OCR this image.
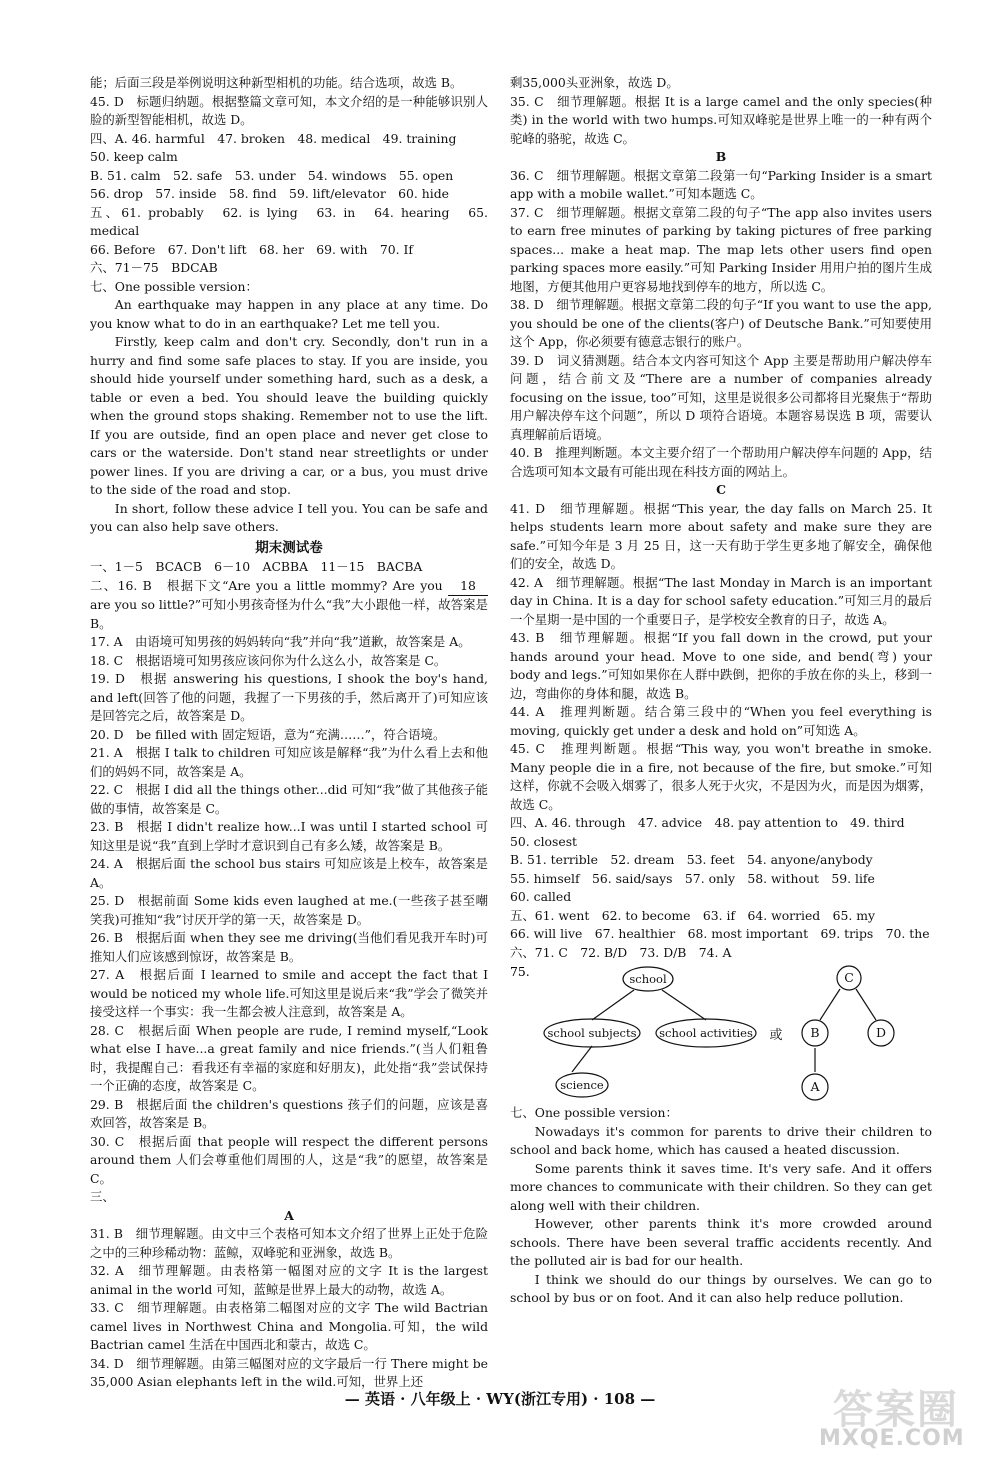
能；后面三段是举例说明这种新型相机的功能。结合选项，故选 B。

45. D　标题归纳题。根据整篇文章可知，本文介绍的是一种能够识别人脸的新型智能相机，故选 D。

四、A. 46. harmful　47. broken　48. medical　49. training

50. keep calm

B. 51. calm　52. safe　53. under　54. windows　55. open

56. drop　57. inside　58. find　59. lift/elevator　60. hide

五、61. probably　62. is lying　63. in　64. hearing　65. medical

66. Before　67. Don't lift　68. her　69. with　70. If

六、71－75　BDCAB

七、One possible version：

An earthquake may happen in any place at any time. Do you know what to do in an earthquake? Let me tell you.

Firstly, keep calm and don't cry. Secondly, don't run in a hurry and find some safe places to stay. If you are inside, you should hide yourself under something hard, such as a desk, a table or even a bed. You should leave the building quickly when the ground stops shaking. Remember not to use the lift. If you are outside, find an open place and never get close to cars or the waterside. Don't stand near streetlights or under power lines. If you are driving a car, or a bus, you must drive to the side of the road and stop.

In short, follow these advice I tell you. You can be safe and you can also help save others.

期末测试卷

一、1－5　BCACB　6－10　ACBBA　11－15　BACBA

二、16. B　根据下文“Are you a little mommy? Are you 18 are you so little?”可知小男孩奇怪为什么“我”大小跟他一样，故答案是 B。

17. A　由语境可知男孩的妈妈转向“我”并向“我”道歉，故答案是 A。

18. C　根据语境可知男孩应该问你为什么这么小，故答案是 C。

19. D　根据 answering his questions, I shook the boy's hand, and left(回答了他的问题，我握了一下男孩的手，然后离开了)可知应该是回答完之后，故答案是 D。

20. D　be filled with 固定短语，意为“充满……”，符合语境。

21. A　根据 I talk to children 可知应该是解释“我”为什么看上去和他们的妈妈不同，故答案是 A。

22. C　根据 I did all the things other...did 可知“我”做了其他孩子能做的事情，故答案是 C。

23. B　根据 I didn't realize how...I was until I started school 可知这里是说“我”直到上学时才意识到自己有多么矮，故答案是 B。

24. A　根据后面 the school bus stairs 可知应该是上校车，故答案是 A。

25. D　根据前面 Some kids even laughed at me.(一些孩子甚至嘲笑我)可推知“我”讨厌开学的第一天，故答案是 D。

26. B　根据后面 when they see me driving(当他们看见我开车时)可推知人们应该感到惊讶，故答案是 B。

27. A　根据后面 I learned to smile and accept the fact that I would be noticed my whole life.可知这里是说后来“我”学会了微笑并接受这样一个事实：我一生都会被人注意到，故答案是 A。

28. C　根据后面 When people are rude, I remind myself,“Look what else I have...a great family and nice friends.”(当人们粗鲁时，我提醒自己：看我还有幸福的家庭和好朋友)，此处指“我”尝试保持一个正确的态度，故答案是 C。

29. B　根据后面 the children's questions 孩子们的问题，应该是喜欢回答，故答案是 B。

30. C　根据后面 that people will respect the different persons around them 人们会尊重他们周围的人，这是“我”的愿望，故答案是 C。

三、

A

31. B　细节理解题。由文中三个表格可知本文介绍了世界上正处于危险之中的三种珍稀动物：蓝鲸，双峰驼和亚洲象，故选 B。

32. A　细节理解题。由表格第一幅图对应的文字 It is the largest animal in the world 可知，蓝鲸是世界上最大的动物，故选 A。

33. C　细节理解题。由表格第二幅图对应的文字 The wild Bactrian camel lives in Northwest China and Mongolia.可知，the wild Bactrian camel 生活在中国西北和蒙古，故选 C。

34. D　细节理解题。由第三幅图对应的文字最后一行 There might be 35,000 Asian elephants left in the wild.可知，世界上还

剩35,000头亚洲象，故选 D。

35. C　细节理解题。根据 It is a large camel and the only species(种类) in the world with two humps.可知双峰驼是世界上唯一的一种有两个驼峰的骆驼，故选 C。

B

36. C　细节理解题。根据文章第二段第一句“Parking Insider is a smart app with a mobile wallet.”可知本题选 C。

37. C　细节理解题。根据文章第二段的句子“The app also invites users to earn free minutes of parking by taking pictures of free parking spaces... make a heat map. The map lets other users find open parking spaces more easily.”可知 Parking Insider 用用户拍的图片生成地图，方便其他用户更容易地找到停车的地方，所以选 C。

38. D　细节理解题。根据文章第二段的句子“If you want to use the app, you should be one of the clients(客户) of Deutsche Bank.”可知要使用这个 App，你必须要有德意志银行的账户。

39. D　词义猜测题。结合本文内容可知这个 App 主要是帮助用户解决停车问题，结合前文及“There are a number of companies already focusing on the issue, too”可知，这里是说很多公司都将目光聚焦于“帮助用户解决停车这个问题”，所以 D 项符合语境。本题容易误选 B 项，需要认真理解前后语境。

40. B　推理判断题。本文主要介绍了一个帮助用户解决停车问题的 App，结合选项可知本文最有可能出现在科技方面的网站上。

C

41. D　细节理解题。根据“This year, the day falls on March 25. It helps students learn more about safety and make sure they are safe.”可知今年是 3 月 25 日，这一天有助于学生更多地了解安全，确保他们的安全，故选 D。

42. A　细节理解题。根据“The last Monday in March is an important day in China. It is a day for school safety education.”可知三月的最后一个星期一是中国的一个重要日子，是学校安全教育的日子，故选 A。

43. B　细节理解题。根据“If you fall down in the crowd, put your hands around your head. Move to one side, and bend(弯) your body and legs.”可知如果你在人群中跌倒，把你的手放在你的头上，移到一边，弯曲你的身体和腿，故选 B。

44. A　推理判断题。结合第三段中的“When you feel everything is moving, quickly get under a desk and hold on”可知选 A。

45. C　推理判断题。根据“This way, you won't breathe in smoke. Many people die in a fire, not because of the fire, but smoke.”可知这样，你就不会吸入烟雾了，很多人死于火灾，不是因为火，而是因为烟雾，故选 C。

四、A. 46. through　47. advice　48. pay attention to　49. third

50. closest

B. 51. terrible　52. dream　53. feet　54. anyone/anybody

55. himself　56. said/says　57. only　58. without　59. life

60. called

五、61. went　62. to become　63. if　64. worried　65. my

66. will live　67. healthier　68. most important　69. trips　70. the

六、71. C　72. B/D　73. D/B　74. A

75.	school
school subjects school activities
science
或
C
B	D
A

七、One possible version：

Nowadays it's common for parents to drive their children to school and back home, which has caused a heated discussion.

Some parents think it saves time. It's very safe. And it offers more chances to communicate with their children. So they can get along well with their children.

However, other parents think it's more crowded around schools. There have been several traffic accidents recently. And the polluted air is bad for our health.

I think we should do our things by ourselves. We can go to school by bus or on foot. And it can also help reduce pollution.

— 英语 · 八年级上 · WY(浙江专用) · 108 —	答案圈
MXQE.COM
